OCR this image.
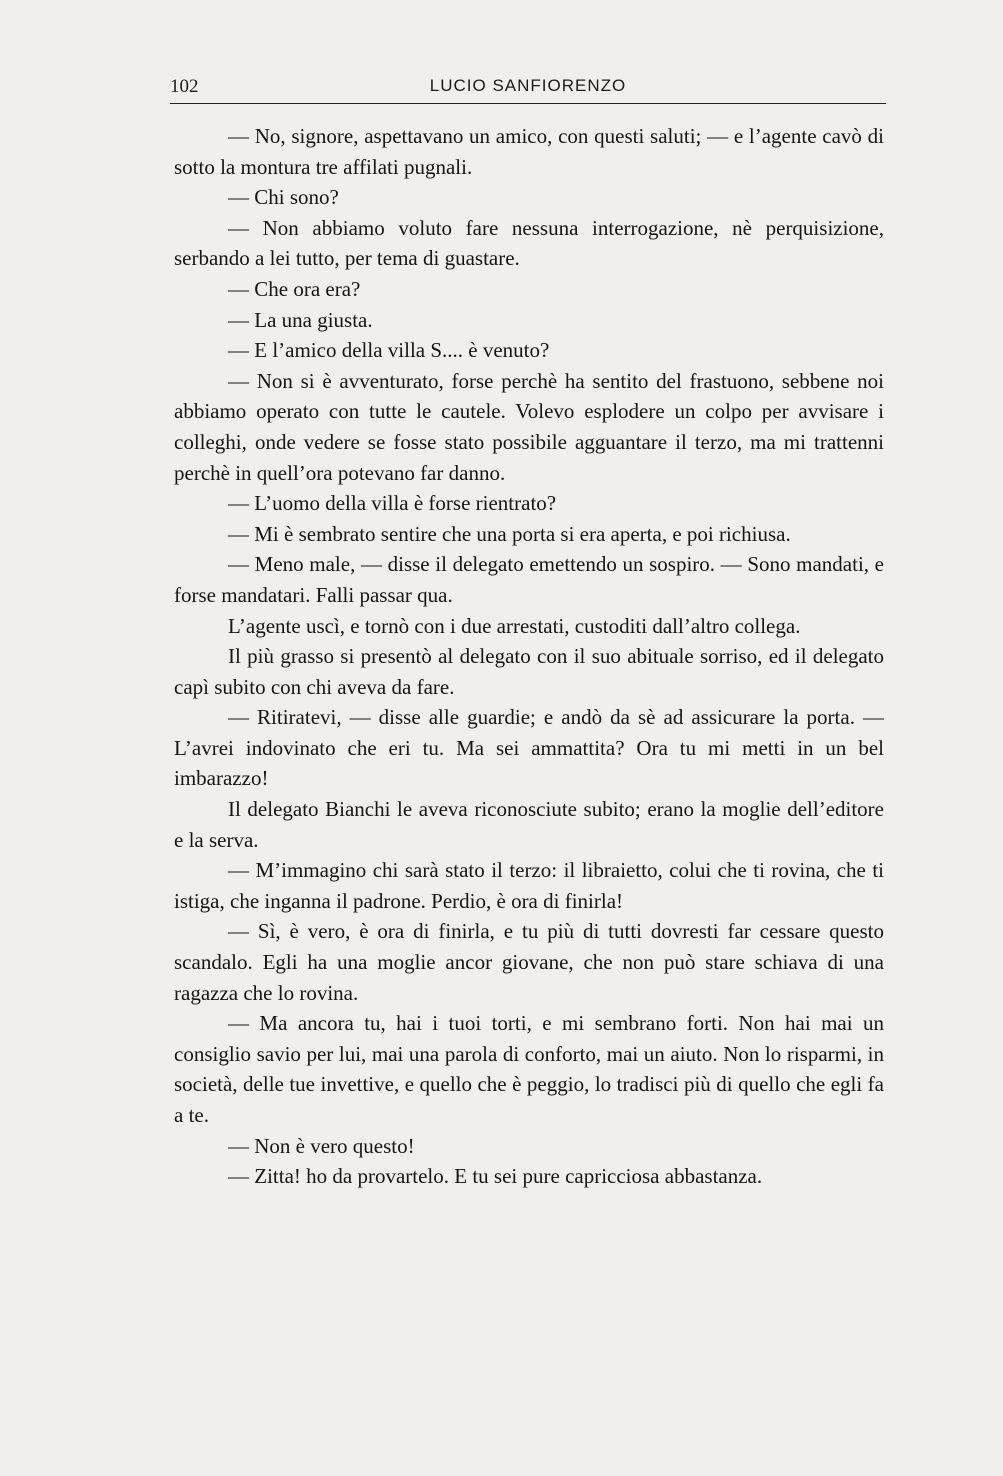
102	LUCIO SANFIORENZO

— No, signore, aspettavano un amico, con questi saluti; — e l’agente cavò di sotto la montura tre affilati pugnali.

— Chi sono?

— Non abbiamo voluto fare nessuna interrogazione, nè perquisizione, serbando a lei tutto, per tema di guastare.

— Che ora era?

— La una giusta.

— E l’amico della villa S.... è venuto?

— Non si è avventurato, forse perchè ha sentito del frastuono, sebbene noi abbiamo operato con tutte le cautele. Volevo esplodere un colpo per avvisare i colleghi, onde vedere se fosse stato possibile agguantare il terzo, ma mi trattenni perchè in quell’ora potevano far danno.

— L’uomo della villa è forse rientrato?

— Mi è sembrato sentire che una porta si era aperta, e poi richiusa.

— Meno male, — disse il delegato emettendo un sospiro. — Sono mandati, e forse mandatari. Falli passar qua.

L’agente uscì, e tornò con i due arrestati, custoditi dall’altro collega.

Il più grasso si presentò al delegato con il suo abituale sorriso, ed il delegato capì subito con chi aveva da fare.

— Ritiratevi, — disse alle guardie; e andò da sè ad assicurare la porta. — L’avrei indovinato che eri tu. Ma sei ammattita? Ora tu mi metti in un bel imbarazzo!

Il delegato Bianchi le aveva riconosciute subito; erano la moglie dell’editore e la serva.

— M’immagino chi sarà stato il terzo: il libraietto, colui che ti rovina, che ti istiga, che inganna il padrone. Perdio, è ora di finirla!

— Sì, è vero, è ora di finirla, e tu più di tutti dovresti far cessare questo scandalo. Egli ha una moglie ancor giovane, che non può stare schiava di una ragazza che lo rovina.

— Ma ancora tu, hai i tuoi torti, e mi sembrano forti. Non hai mai un consiglio savio per lui, mai una parola di conforto, mai un aiuto. Non lo risparmi, in società, delle tue invettive, e quello che è peggio, lo tradisci più di quello che egli fa a te.

— Non è vero questo!

— Zitta! ho da provartelo. E tu sei pure capricciosa abbastanza.
